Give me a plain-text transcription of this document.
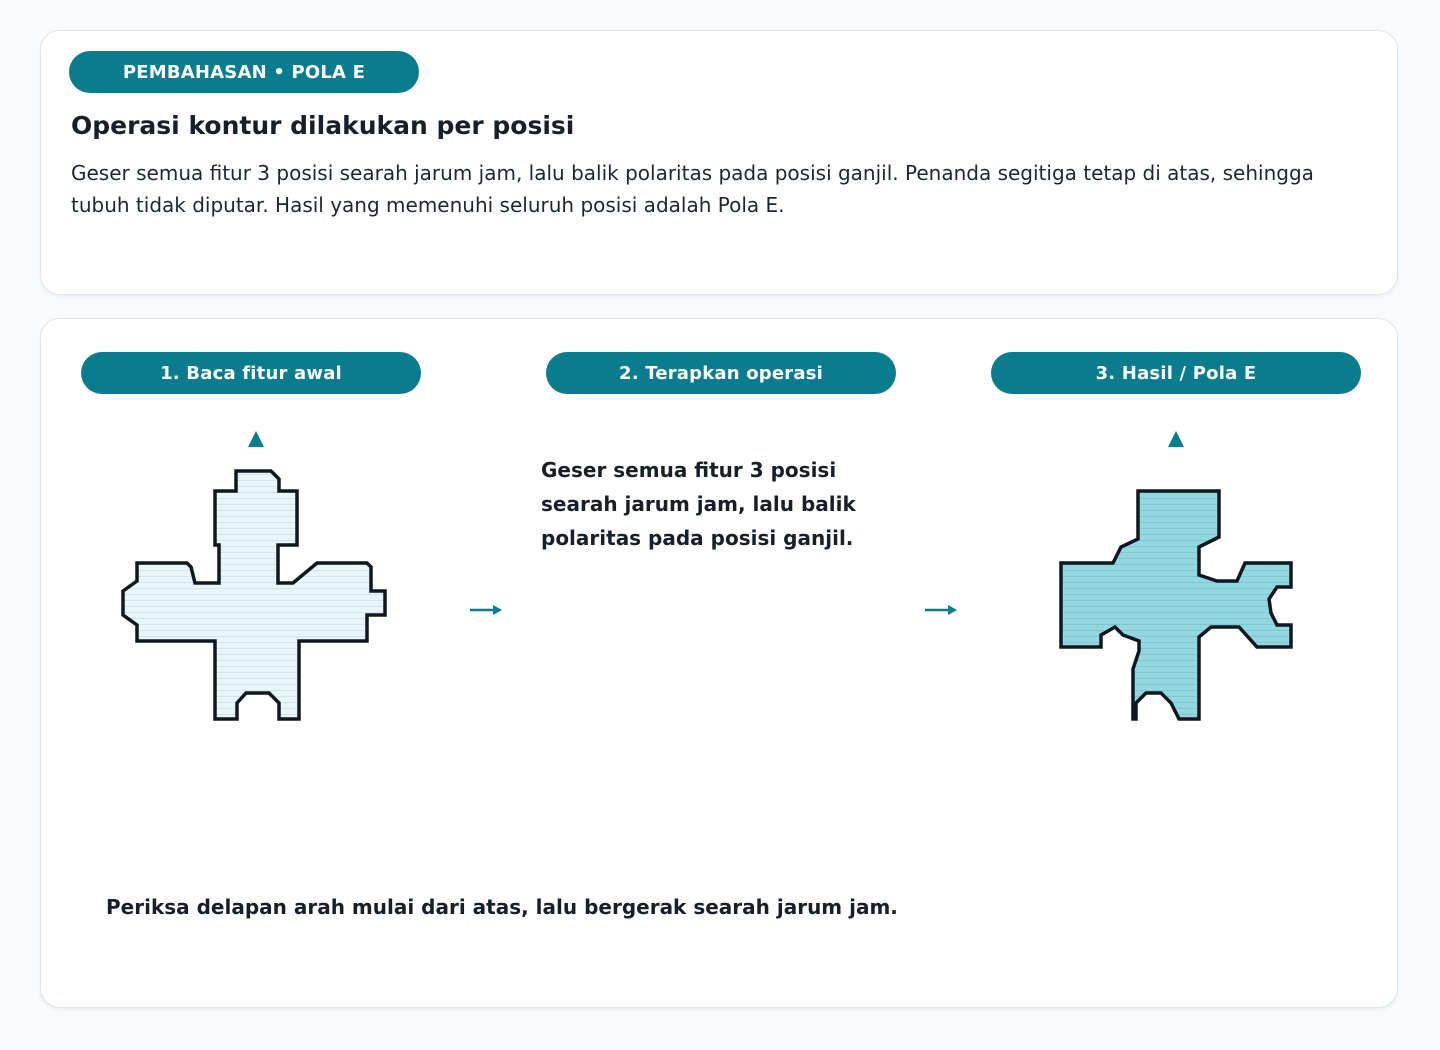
PEMBAHASAN • POLA E
Operasi kontur dilakukan per posisi

Geser semua fitur 3 posisi searah jarum jam, lalu balik polaritas pada posisi ganjil. Penanda segitiga tetap di atas, sehingga tubuh tidak diputar. Hasil yang memenuhi seluruh posisi adalah Pola E.

1. Baca fitur awal	2. Terapkan operasi	3. Hasil / Pola E

Geser semua fitur 3 posisi searah jarum jam, lalu balik polaritas pada posisi ganjil.

Periksa delapan arah mulai dari atas, lalu bergerak searah jarum jam.
